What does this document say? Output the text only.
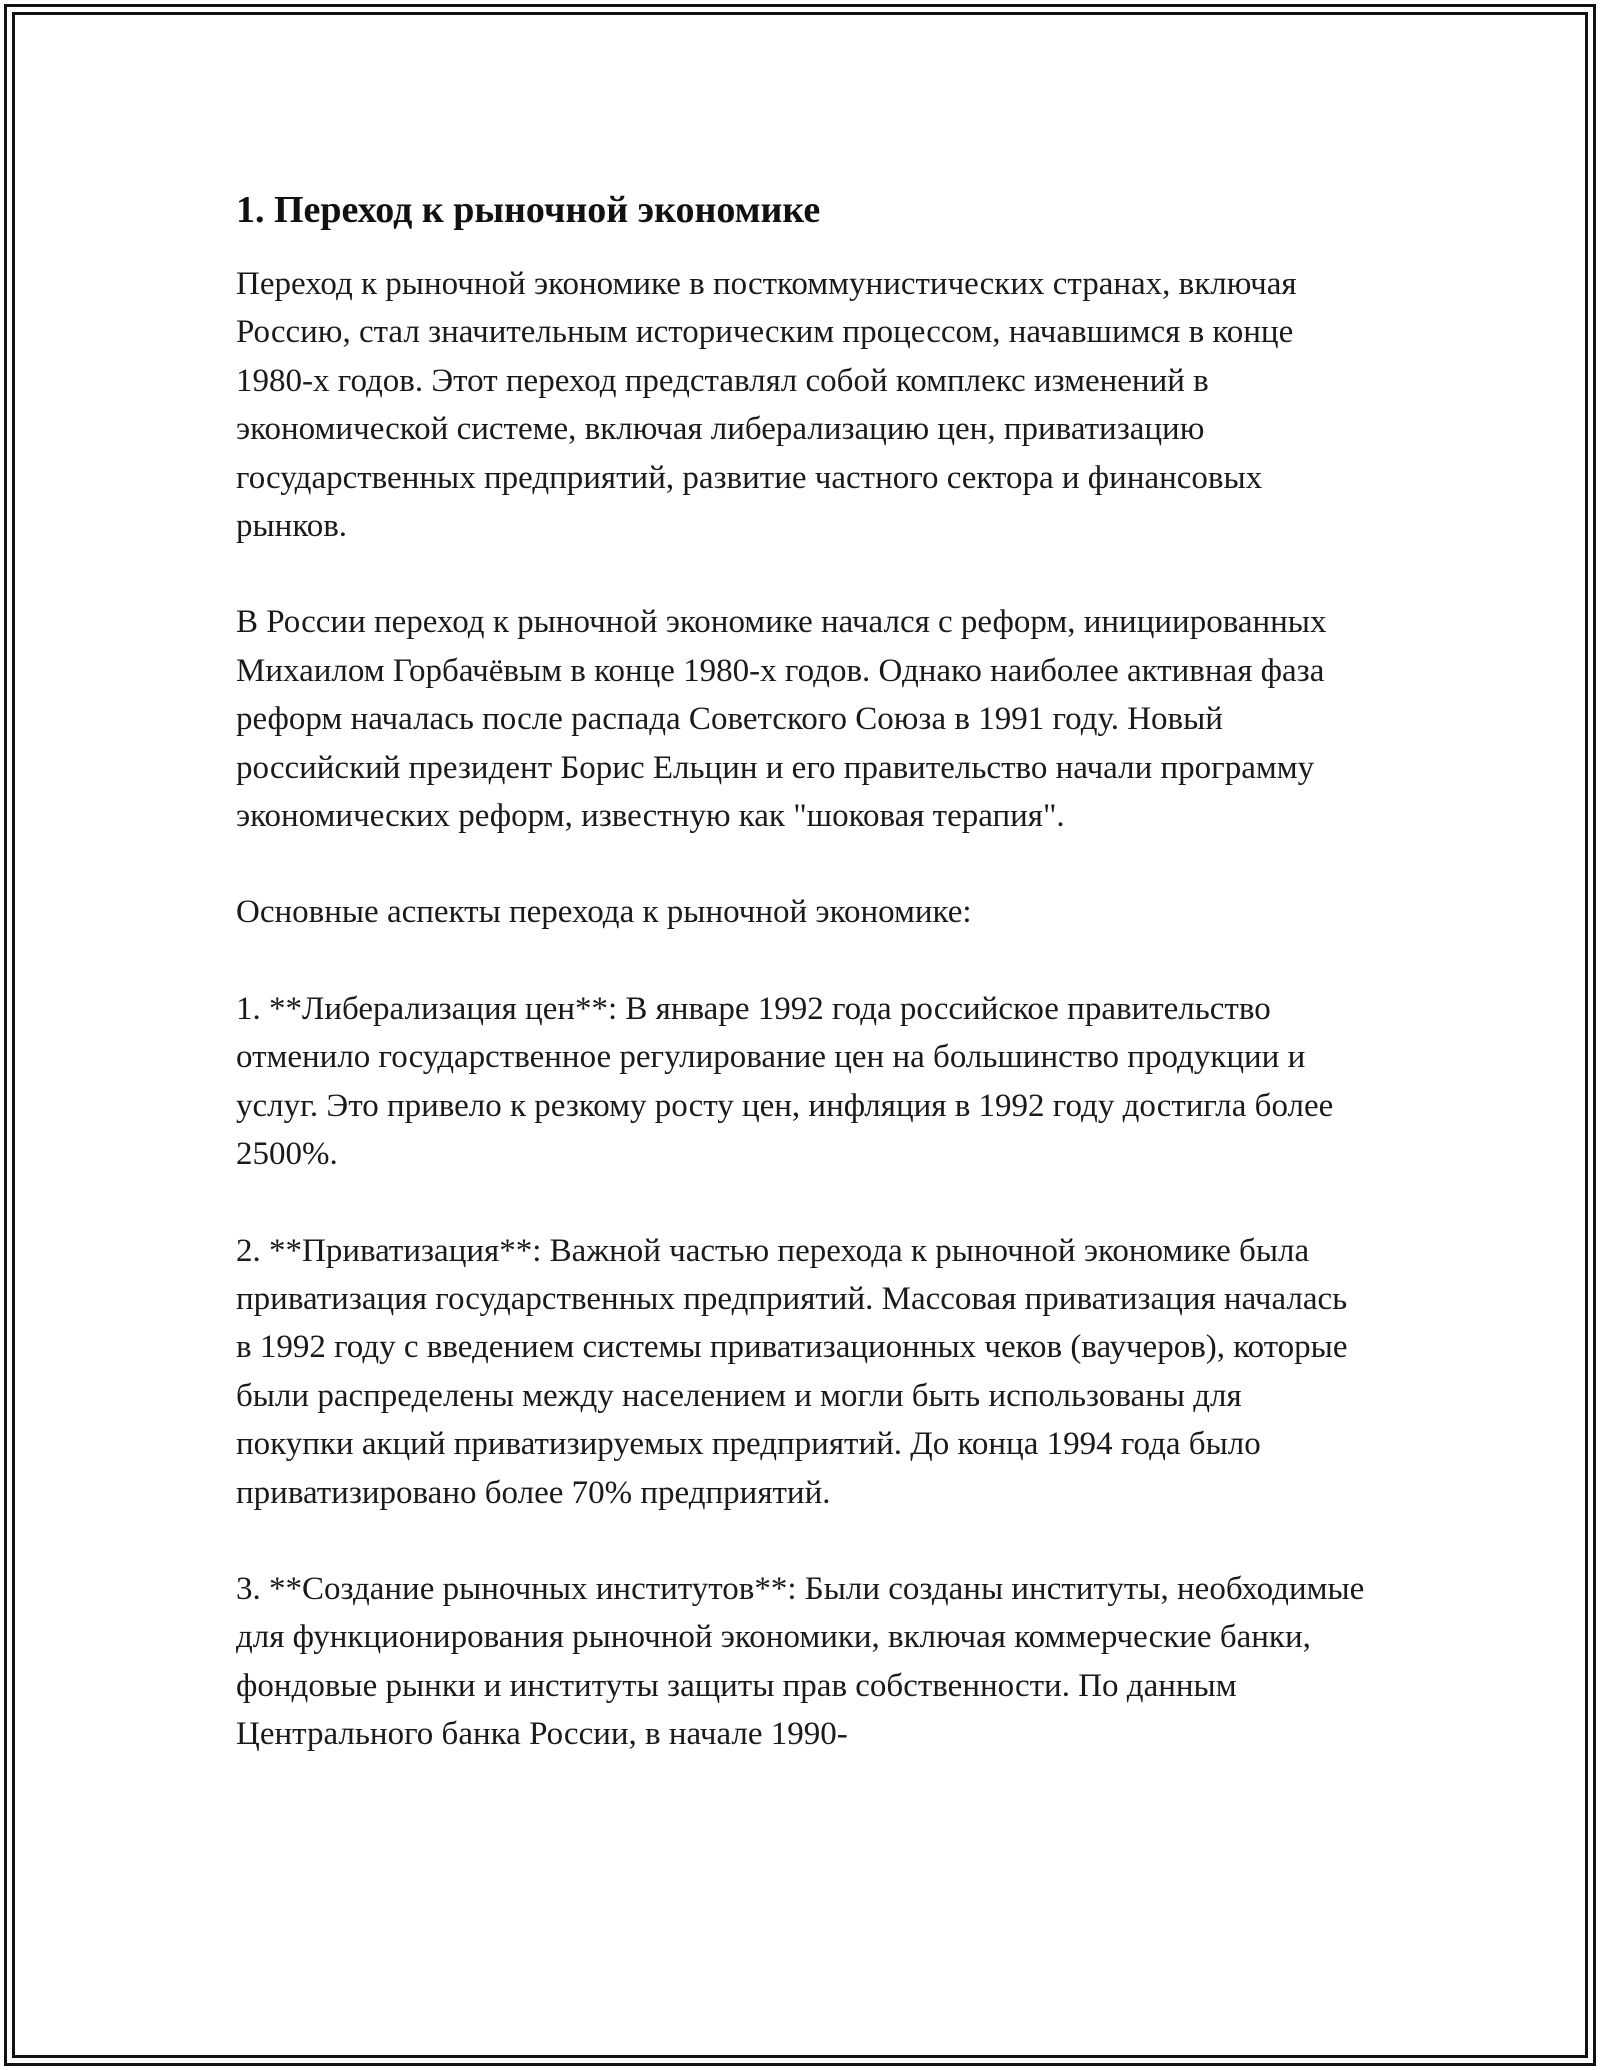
1. Переход к рыночной экономике

Переход к рыночной экономике в посткоммунистических странах, включая Россию, стал значительным историческим процессом, начавшимся в конце 1980-х годов. Этот переход представлял собой комплекс изменений в экономической системе, включая либерализацию цен, приватизацию государственных предприятий, развитие частного сектора и финансовых рынков.

В России переход к рыночной экономике начался с реформ, инициированных Михаилом Горбачёвым в конце 1980-х годов. Однако наиболее активная фаза реформ началась после распада Советского Союза в 1991 году. Новый российский президент Борис Ельцин и его правительство начали программу экономических реформ, известную как "шоковая терапия".

Основные аспекты перехода к рыночной экономике:

1. **Либерализация цен**: В январе 1992 года российское правительство отменило государственное регулирование цен на большинство продукции и услуг. Это привело к резкому росту цен, инфляция в 1992 году достигла более 2500%.

2. **Приватизация**: Важной частью перехода к рыночной экономике была приватизация государственных предприятий. Массовая приватизация началась в 1992 году с введением системы приватизационных чеков (ваучеров), которые были распределены между населением и могли быть использованы для покупки акций приватизируемых предприятий. До конца 1994 года было приватизировано более 70% предприятий.

3. **Создание рыночных институтов**: Были созданы институты, необходимые для функционирования рыночной экономики, включая коммерческие банки, фондовые рынки и институты защиты прав собственности. По данным Центрального банка России, в начале 1990-
